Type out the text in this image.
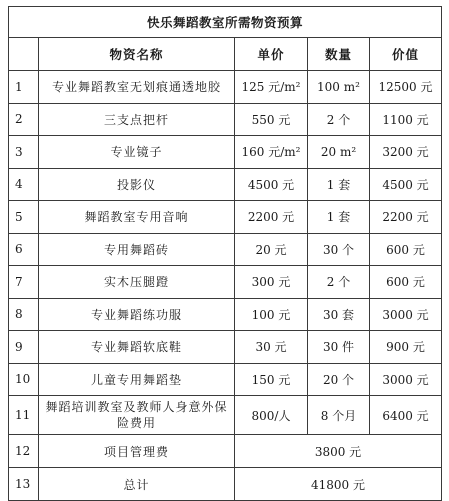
快乐舞蹈教室所需物资预算				
	物资名称	单价	数量	价值
1	专业舞蹈教室无划痕通透地胶	125 元/m²	100 m²	12500 元
2	三支点把杆	550 元	2 个	1100 元
3	专业镜子	160 元/m²	20 m²	3200 元
4	投影仪	4500 元	1 套	4500 元
5	舞蹈教室专用音响	2200 元	1 套	2200 元
6	专用舞蹈砖	20 元	30 个	600 元
7	实木压腿蹬	300 元	2 个	600 元
8	专业舞蹈练功服	100 元	30 套	3000 元
9	专业舞蹈软底鞋	30 元	30 件	900 元
10	儿童专用舞蹈垫	150 元	20 个	3000 元
11	舞蹈培训教室及教师人身意外保险费用	800/人	8 个月	6400 元
12	项目管理费	3800 元		
13	总计	41800 元		
